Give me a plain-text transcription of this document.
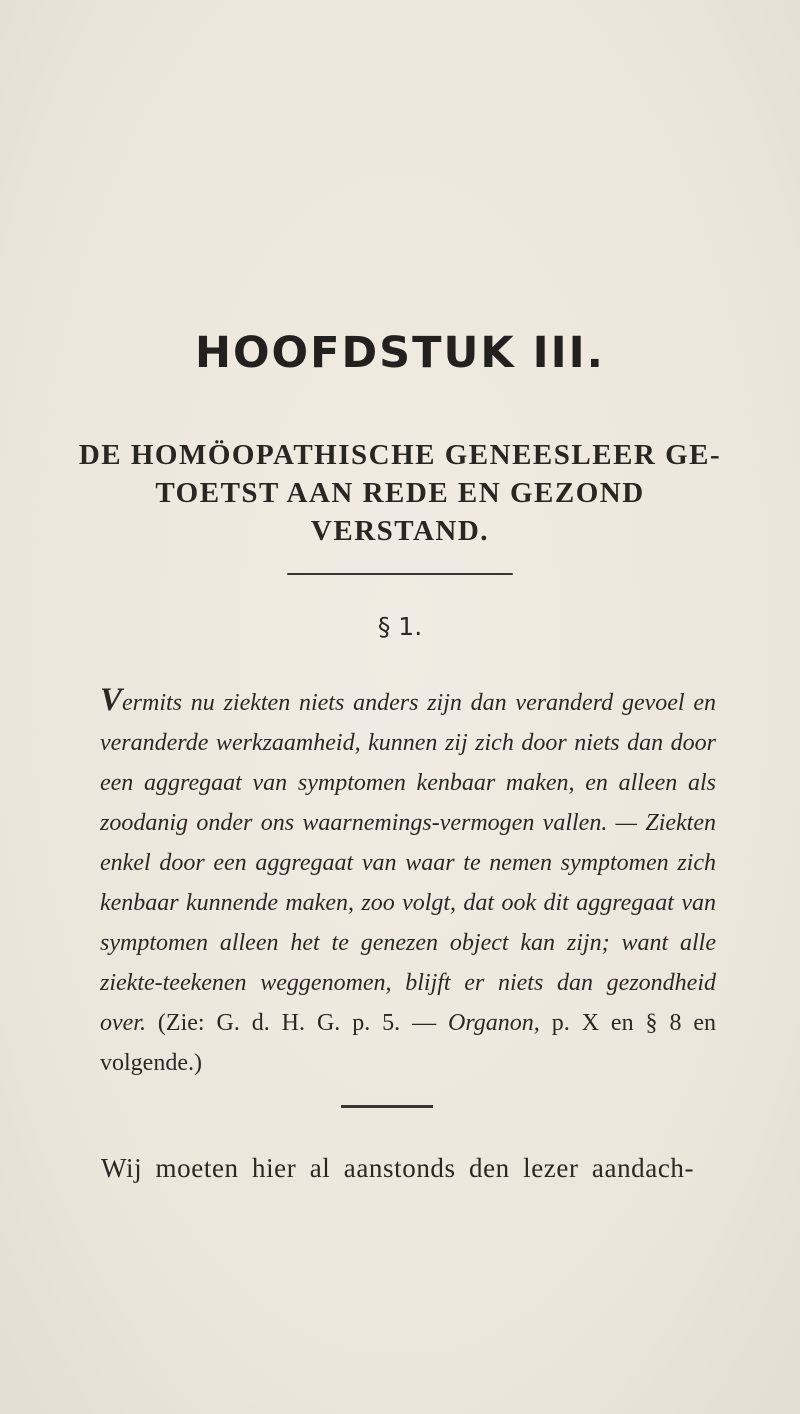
HOOFDSTUK III.
DE HOMÖOPATHISCHE GENEESLEER GE-TOETST AAN REDE EN GEZOND VERSTAND.
§ 1.
Vermits nu ziekten niets anders zijn dan veranderd gevoel en veranderde werkzaamheid, kunnen zij zich door niets dan door een aggregaat van symptomen kenbaar maken, en alleen als zoodanig onder ons waarnemings-vermogen vallen. — Ziekten enkel door een aggregaat van waar te nemen symptomen zich kenbaar kunnende maken, zoo volgt, dat ook dit aggregaat van symptomen alleen het te genezen object kan zijn; want alle ziekte-teekenen weggenomen, blijft er niets dan gezondheid over. (Zie: G. d. H. G. p. 5. — Organon, p. X en § 8 en volgende.)
Wij moeten hier al aanstonds den lezer aandach-
